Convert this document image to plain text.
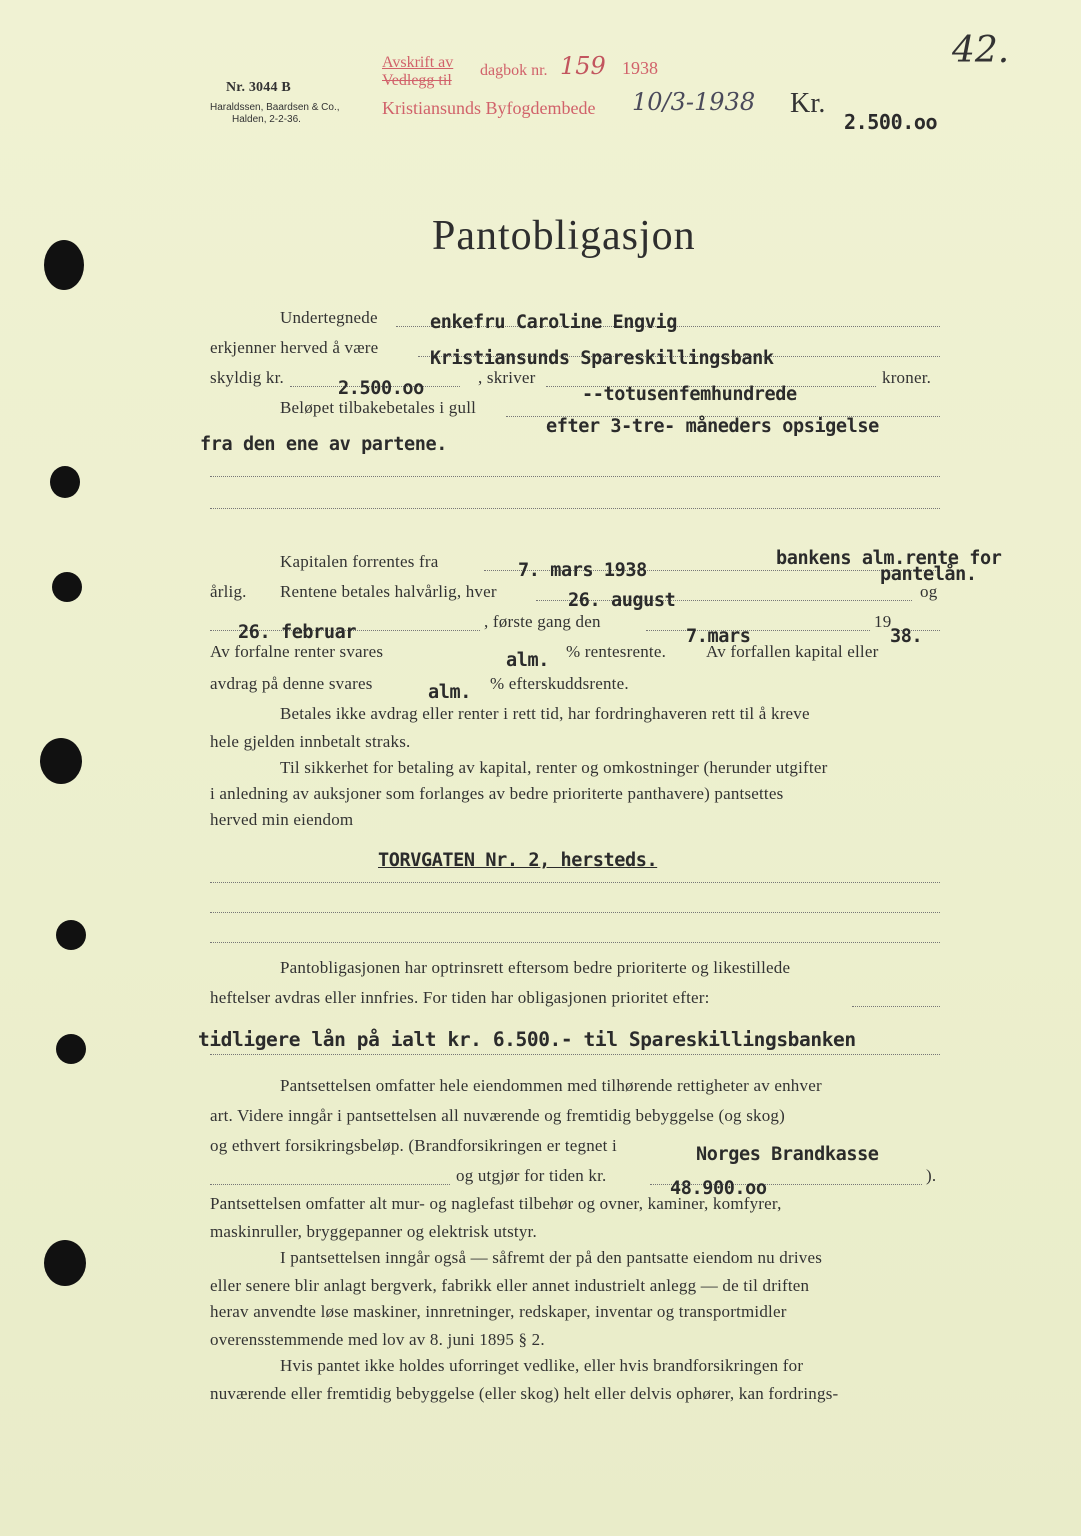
Nr. 3044 B
Haraldssen, Baardsen & Co.,
Halden, 2-2-36.
Avskrift av
Vedlegg til
dagbok nr. 159 1938
Kristiansunds Byfogdembede 10/3-1938 Kr.
2.500.oo
42.
Pantobligasjon
Undertegnede	enkefru Caroline Engvig
erkjenner herved å være
Kristiansunds Spareskillingsbank
skyldig kr.
2.500.oo
, skriver
--totusenfemhundrede
kroner.
Beløpet tilbakebetales i gull
efter 3-tre- måneders opsigelse
fra den ene av partene.
Kapitalen forrentes fra	7. mars 1938
bankens alm.rente for
pantelån.
årlig. Rentene betales halvårlig, hver	26. august	og
26. februar
, første gang den
7.mars
19
38.
Av forfalne renter svares	alm. % rentesrente. Av forfallen kapital eller
avdrag på denne svares	alm. % efterskuddsrente.
Betales ikke avdrag eller renter i rett tid, har fordringhaveren rett til å kreve
hele gjelden innbetalt straks.
Til sikkerhet for betaling av kapital, renter og omkostninger (herunder utgifter
i anledning av auksjoner som forlanges av bedre prioriterte panthavere) pantsettes
herved min eiendom
TORVGATEN Nr. 2, hersteds.
Pantobligasjonen har optrinsrett eftersom bedre prioriterte og likestillede
heftelser avdras eller innfries. For tiden har obligasjonen prioritet efter:
tidligere lån på ialt kr. 6.500.- til Spareskillingsbanken
Pantsettelsen omfatter hele eiendommen med tilhørende rettigheter av enhver
art. Videre inngår i pantsettelsen all nuværende og fremtidig bebyggelse (og skog)
og ethvert forsikringsbeløp. (Brandforsikringen er tegnet i	Norges Brandkasse
og utgjør for tiden kr.
48.900.oo
).
Pantsettelsen omfatter alt mur- og naglefast tilbehør og ovner, kaminer, komfyrer,
maskinruller, bryggepanner og elektrisk utstyr.
I pantsettelsen inngår også — såfremt der på den pantsatte eiendom nu drives
eller senere blir anlagt bergverk, fabrikk eller annet industrielt anlegg — de til driften
herav anvendte løse maskiner, innretninger, redskaper, inventar og transportmidler
overensstemmende med lov av 8. juni 1895 § 2.
Hvis pantet ikke holdes uforringet vedlike, eller hvis brandforsikringen for
nuværende eller fremtidig bebyggelse (eller skog) helt eller delvis ophører, kan fordrings-
